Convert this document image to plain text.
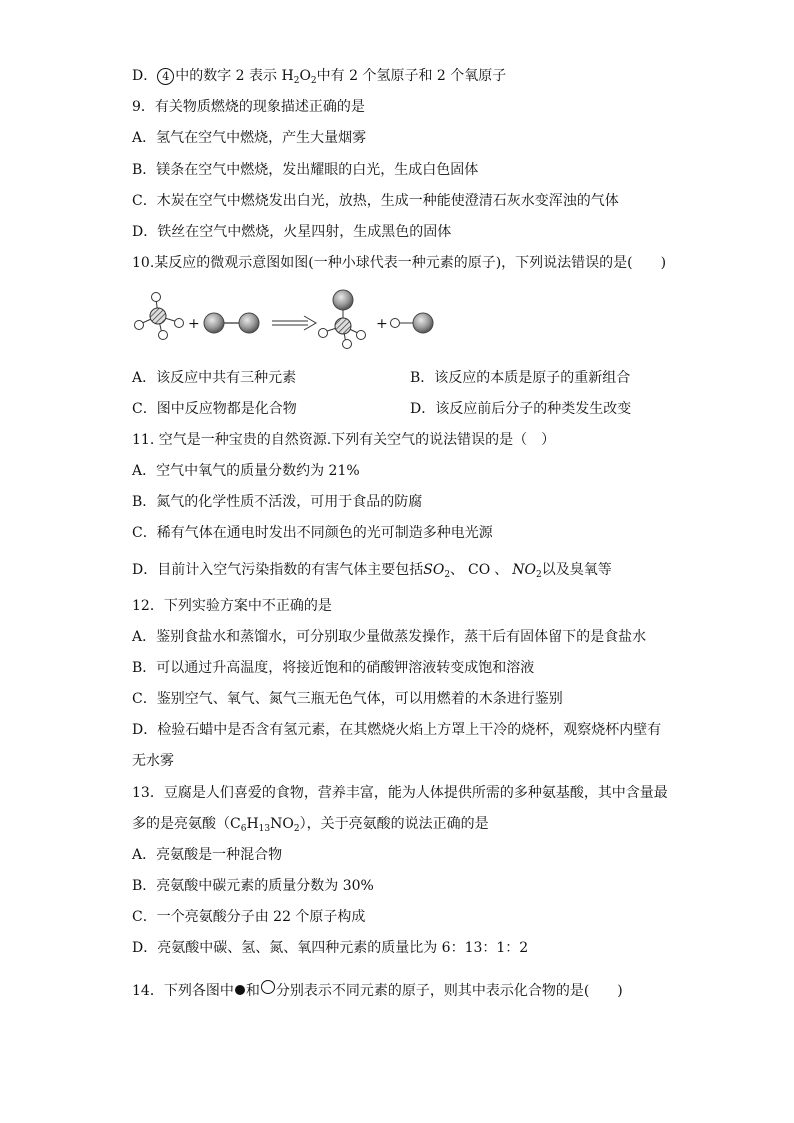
D． 4 中的数字 2 表示 $H_2O_2$中有 2 个氢原子和 2 个氧原子
9．有关物质燃烧的现象描述正确的是
A．氢气在空气中燃烧，产生大量烟雾
B．镁条在空气中燃烧，发出耀眼的白光，生成白色固体
C．木炭在空气中燃烧发出白光，放热，生成一种能使澄清石灰水变浑浊的气体
D．铁丝在空气中燃烧，火星四射，生成黑色的固体
10.某反应的微观示意图如图(一种小球代表一种元素的原子)，下列说法错误的是(　　)
+	+
A．该反应中共有三种元素	B．该反应的本质是原子的重新组合
C．图中反应物都是化合物	D．该反应前后分子的种类发生改变
11. 空气是一种宝贵的自然资源.下列有关空气的说法错误的是（　）
A．空气中氧气的质量分数约为 21%
B．氮气的化学性质不活泼，可用于食品的防腐
C．稀有气体在通电时发出不同颜色的光可制造多种电光源
D．目前计入空气污染指数的有害气体主要包括$SO_2$、 CO 、 $NO_2$以及臭氧等
12．下列实验方案中不正确的是
A．鉴别食盐水和蒸馏水，可分别取少量做蒸发操作，蒸干后有固体留下的是食盐水
B．可以通过升高温度，将接近饱和的硝酸钾溶液转变成饱和溶液
C．鉴别空气、氧气、氮气三瓶无色气体，可以用燃着的木条进行鉴别
D．检验石蜡中是否含有氢元素，在其燃烧火焰上方罩上干冷的烧杯，观察烧杯内壁有
无水雾
13．豆腐是人们喜爱的食物，营养丰富，能为人体提供所需的多种氨基酸，其中含量最
多的是亮氨酸$(C_6H_{13}NO_2)$，关于亮氨酸的说法正确的是
A．亮氨酸是一种混合物
B．亮氨酸中碳元素的质量分数为 30%
C．一个亮氨酸分子由 22 个原子构成
D．亮氨酸中碳、氢、氮、氧四种元素的质量比为 6：13：1：2
14．下列各图中 和 分别表示不同元素的原子，则其中表示化合物的是(　　)
